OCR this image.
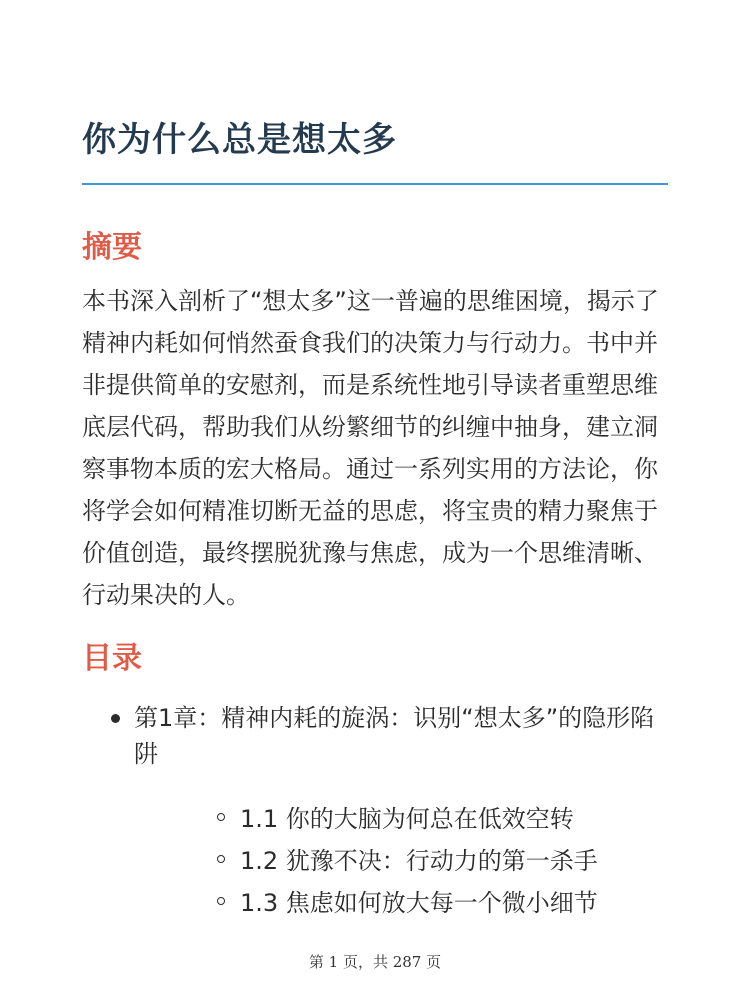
你为什么总是想太多
摘要

本书深入剖析了“想太多”这一普遍的思维困境，揭示了精神内耗如何悄然蚕食我们的决策力与行动力。书中并非提供简单的安慰剂，而是系统性地引导读者重塑思维底层代码，帮助我们从纷繁细节的纠缠中抽身，建立洞察事物本质的宏大格局。通过一系列实用的方法论，你将学会如何精准切断无益的思虑，将宝贵的精力聚焦于价值创造，最终摆脱犹豫与焦虑，成为一个思维清晰、行动果决的人。

目录
第1章：精神内耗的旋涡：识别“想太多”的隐形陷阱
1.1 你的大脑为何总在低效空转
1.2 犹豫不决：行动力的第一杀手
1.3 焦虑如何放大每一个微小细节
第 1 页，共 287 页
